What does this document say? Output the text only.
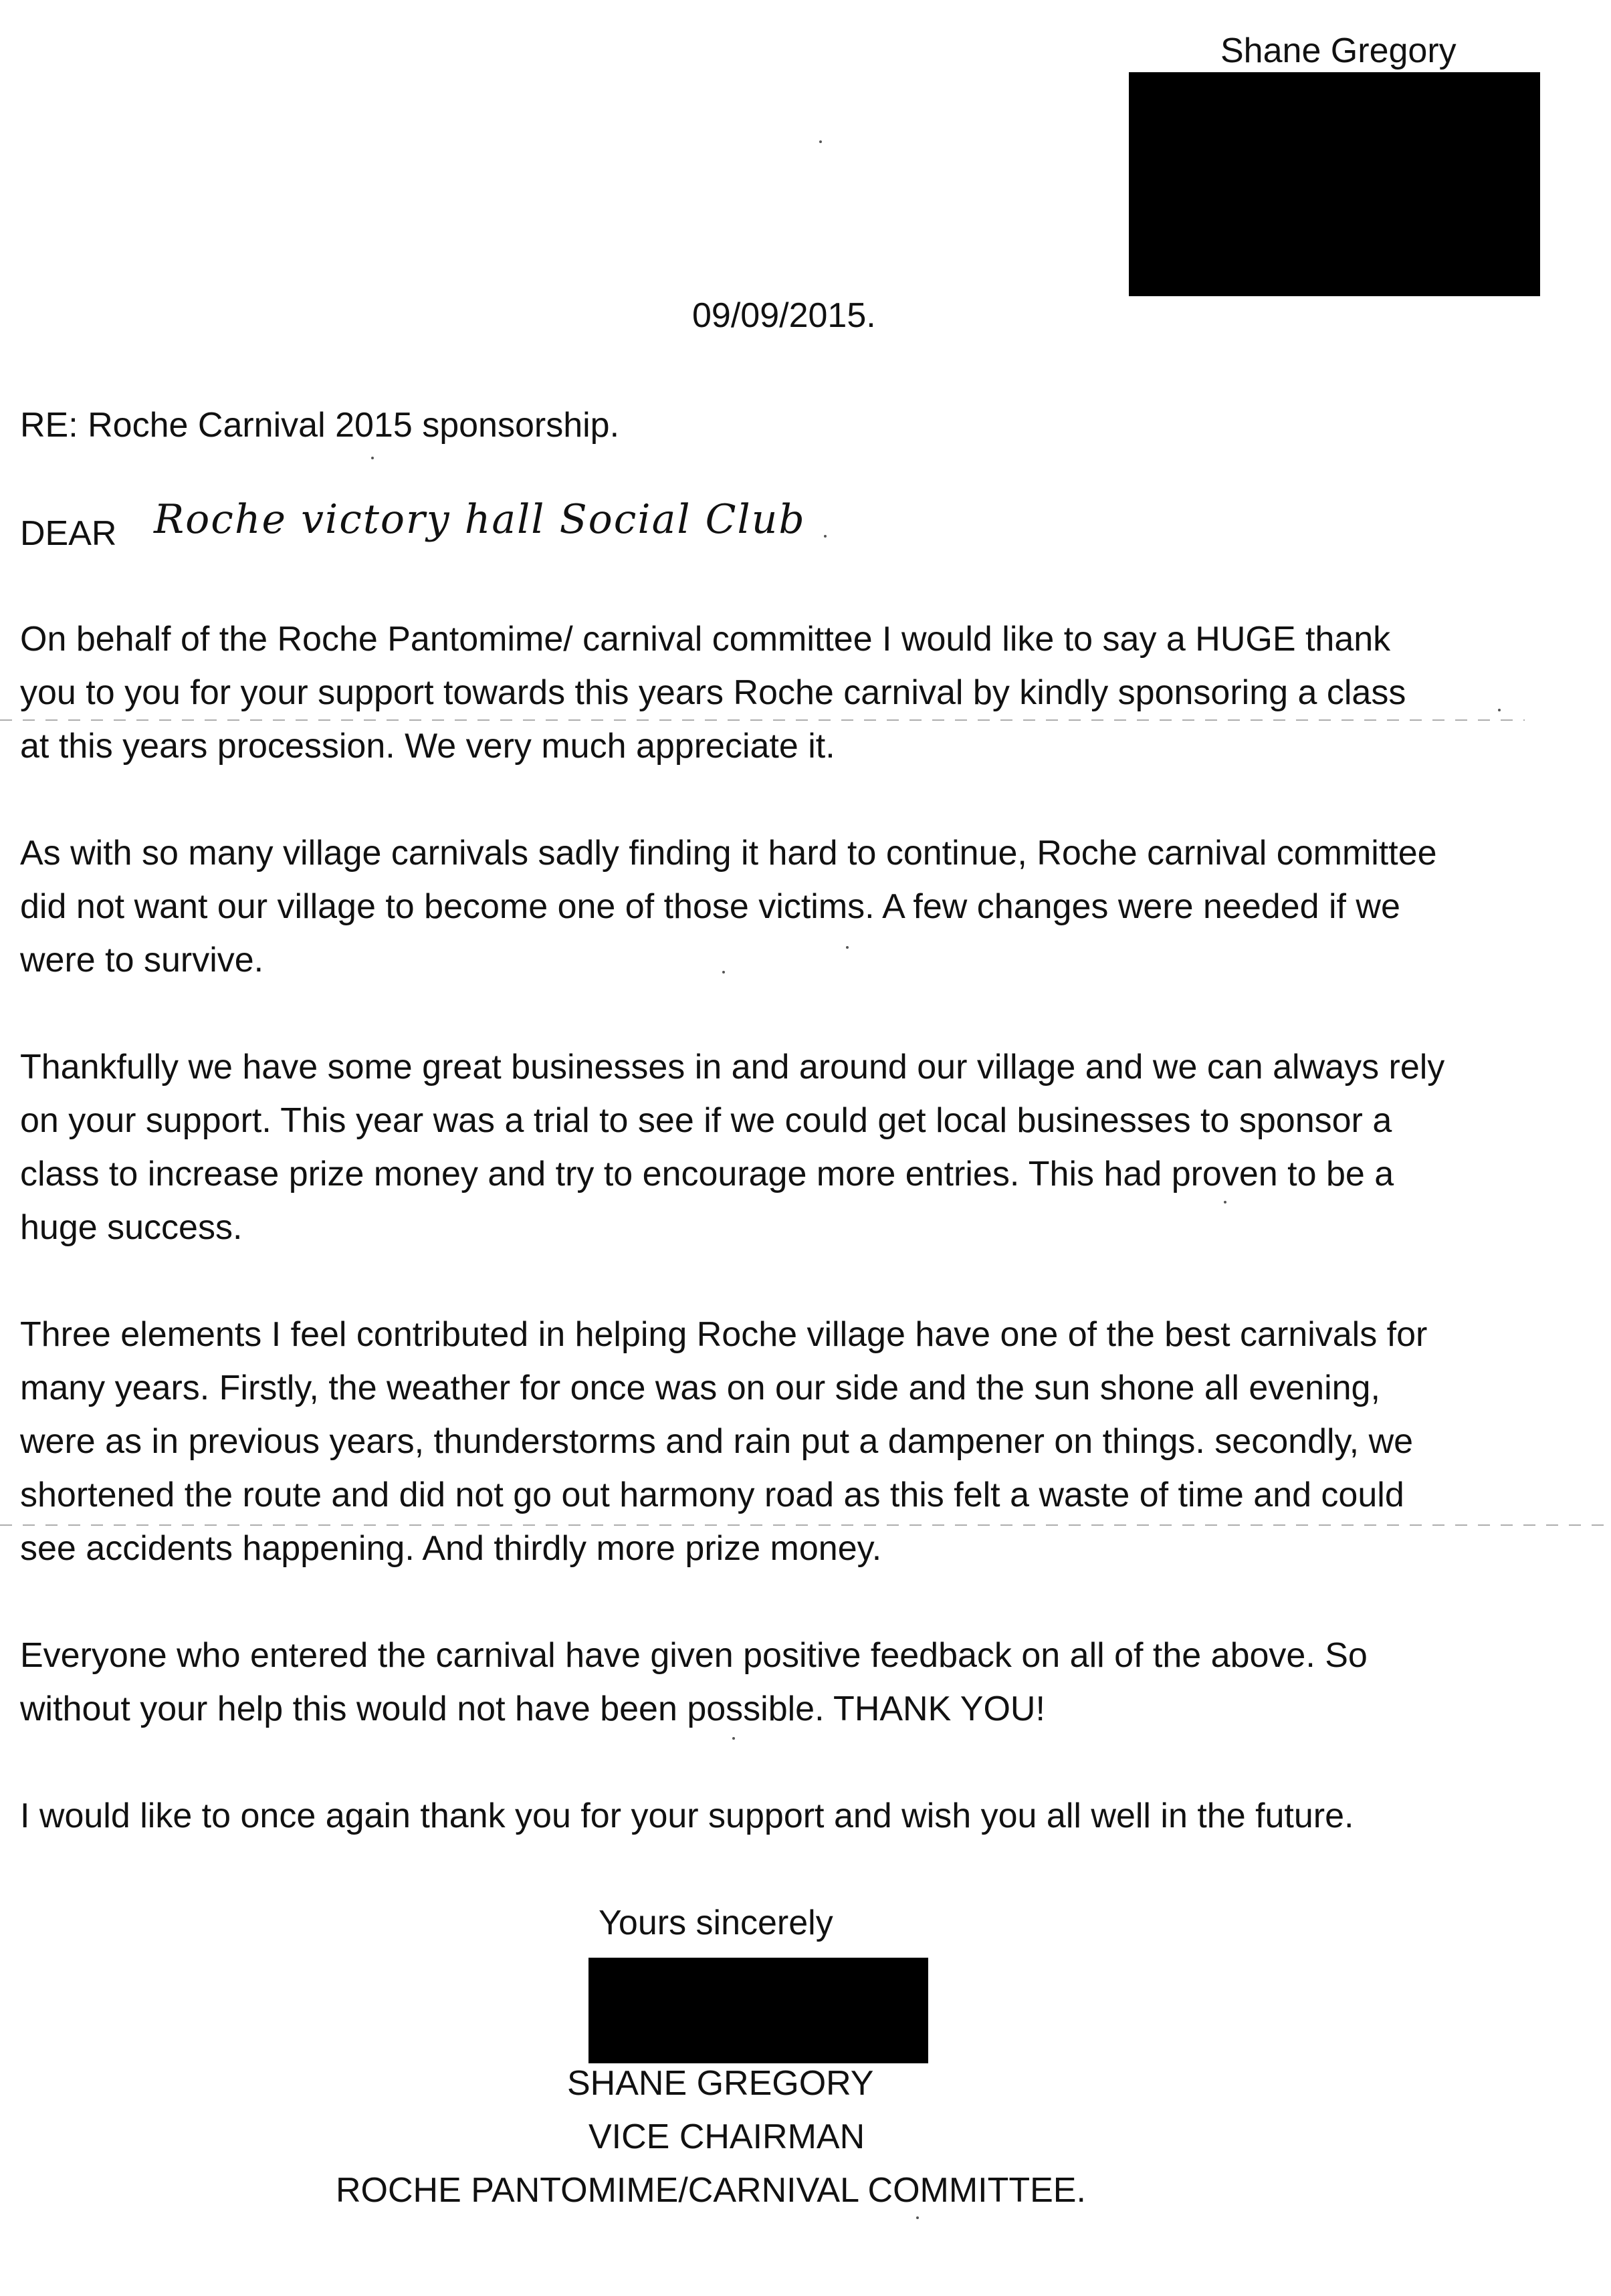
Shane Gregory
09/09/2015.
RE: Roche Carnival 2015 sponsorship.
DEAR Roche victory hall Social Club
On behalf of the Roche Pantomime/ carnival committee I would like to say a HUGE thank
you to you for your support towards this years Roche carnival by kindly sponsoring a class
at this years procession. We very much appreciate it.
As with so many village carnivals sadly finding it hard to continue, Roche carnival committee
did not want our village to become one of those victims. A few changes were needed if we
were to survive.
Thankfully we have some great businesses in and around our village and we can always rely
on your support. This year was a trial to see if we could get local businesses to sponsor a
class to increase prize money and try to encourage more entries. This had proven to be a
huge success.
Three elements I feel contributed in helping Roche village have one of the best carnivals for
many years. Firstly, the weather for once was on our side and the sun shone all evening,
were as in previous years, thunderstorms and rain put a dampener on things. secondly, we
shortened the route and did not go out harmony road as this felt a waste of time and could
see accidents happening. And thirdly more prize money.
Everyone who entered the carnival have given positive feedback on all of the above. So
without your help this would not have been possible. THANK YOU!
I would like to once again thank you for your support and wish you all well in the future.
Yours sincerely
SHANE GREGORY
VICE CHAIRMAN
ROCHE PANTOMIME/CARNIVAL COMMITTEE.
